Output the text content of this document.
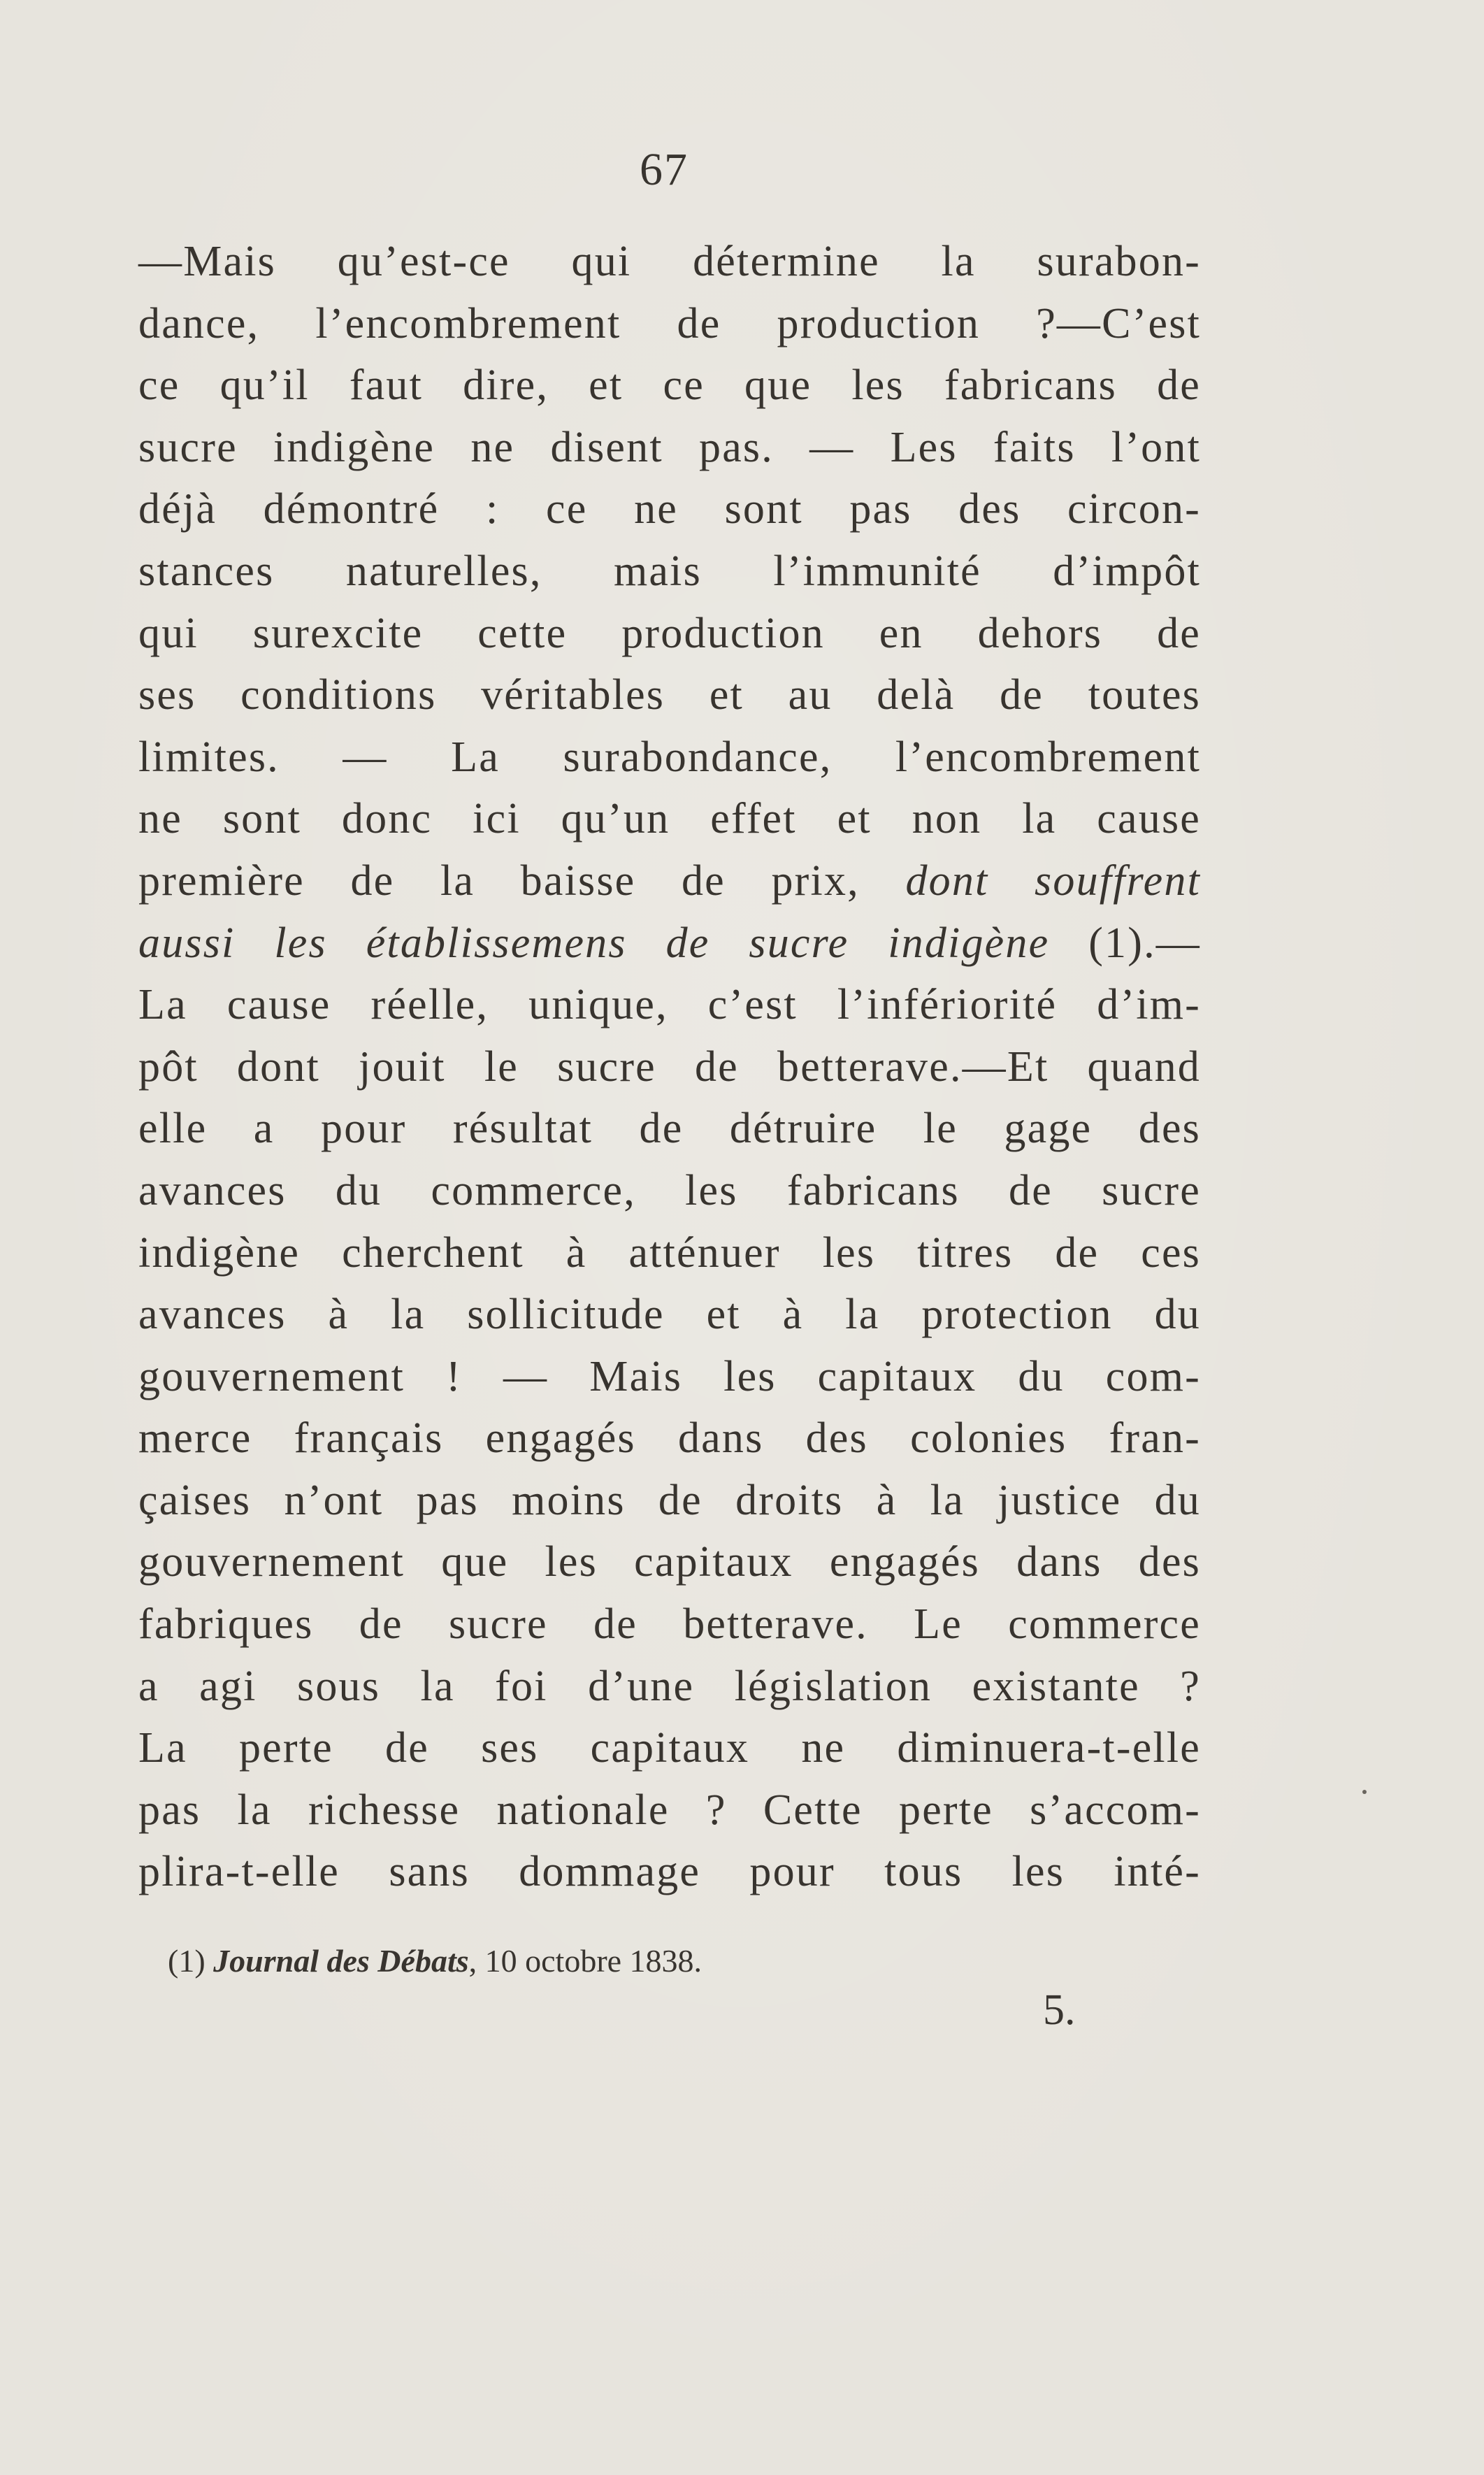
67
—Mais qu’est-ce qui détermine la surabon-
dance, l’encombrement de production ?—C’est
ce qu’il faut dire, et ce que les fabricans de
sucre indigène ne disent pas. — Les faits l’ont
déjà démontré : ce ne sont pas des circon-
stances naturelles, mais l’immunité d’impôt
qui surexcite cette production en dehors de
ses conditions véritables et au delà de toutes
limites. — La surabondance, l’encombrement
ne sont donc ici qu’un effet et non la cause
première de la baisse de prix, dont souffrent
aussi les établissemens de sucre indigène (1).—
La cause réelle, unique, c’est l’infériorité d’im-
pôt dont jouit le sucre de betterave.—Et quand
elle a pour résultat de détruire le gage des
avances du commerce, les fabricans de sucre
indigène cherchent à atténuer les titres de ces
avances à la sollicitude et à la protection du
gouvernement ! — Mais les capitaux du com-
merce français engagés dans des colonies fran-
çaises n’ont pas moins de droits à la justice du
gouvernement que les capitaux engagés dans des
fabriques de sucre de betterave. Le commerce
a agi sous la foi d’une législation existante ?
La perte de ses capitaux ne diminuera-t-elle
pas la richesse nationale ? Cette perte s’accom-
plira-t-elle sans dommage pour tous les inté-
(1) Journal des Débats, 10 octobre 1838.
5.
